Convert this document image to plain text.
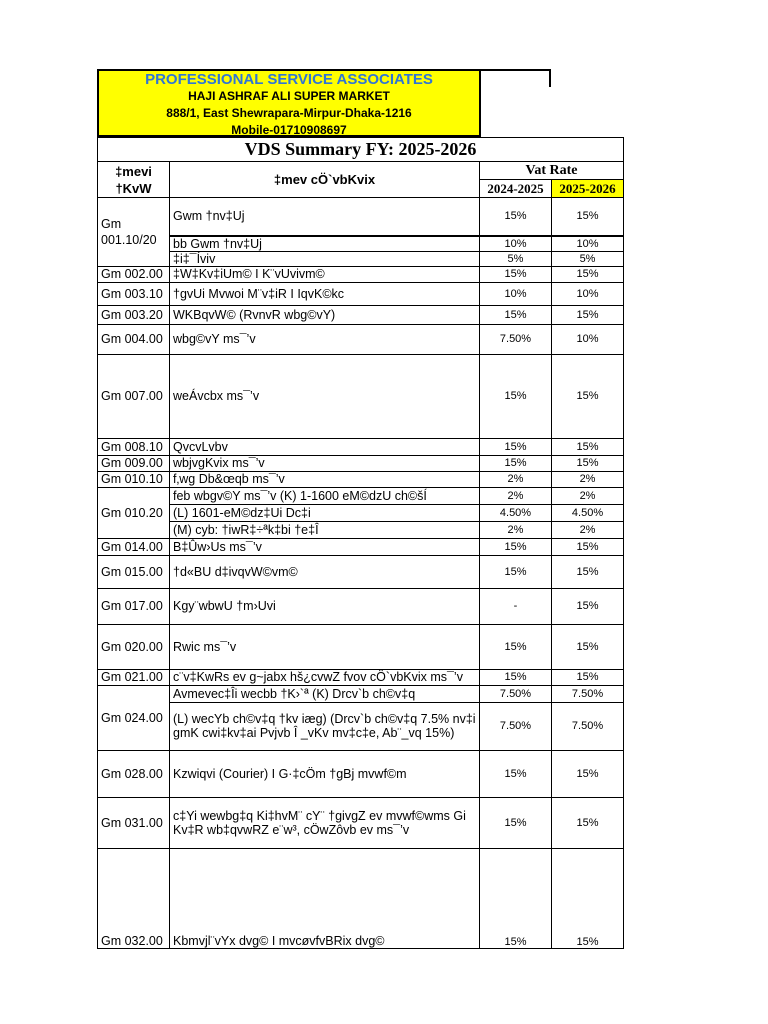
PROFESSIONAL SERVICE ASSOCIATES
HAJI ASHRAF ALI SUPER MARKET
888/1, East Shewrapara-Mirpur-Dhaka-1216
Mobile-01710908697
VDS Summary FY: 2025-2026			
‡mevi †KvW	‡mev cÖ`vbKvix	Vat Rate	
		2024-2025	2025-2026
Gm 001.10/20	Gwm †nv‡Uj	15%	15%
	bb Gwm †nv‡Uj	10%	10%
	‡i‡¯Íviv	5%	5%
Gm 002.00	‡W‡Kv‡iUm© I K¨vUvivm©	15%	15%
Gm 003.10	†gvUi Mvwoi M¨v‡iR I IqvK©kc	10%	10%
Gm 003.20	WKBqvW© (RvnvR wbg©vY)	15%	15%
Gm 004.00	wbg©vY ms¯’v	7.50%	10%
Gm 007.00	weÁvcbx ms¯’v	15%	15%
Gm 008.10	QvcvLvbv	15%	15%
Gm 009.00	wbjvgKvix ms¯’v	15%	15%
Gm 010.10	f‚wg Db&œqb ms¯’v	2%	2%
Gm 010.20	feb wbgv©Y ms¯’v (K) 1-1600 eM©dzU ch©šÍ	2%	2%
	(L) 1601-eM©dz‡Ui Dc‡i	4.50%	4.50%
	(M) cyb: †iwR‡÷ªk‡bi †e‡Î	2%	2%
Gm 014.00	B‡Ûw›Us ms¯’v	15%	15%
Gm 015.00	†d«BU d‡ivqvW©vm©	15%	15%
Gm 017.00	Kgy¨wbwU †m›Uvi	-	15%
Gm 020.00	Rwic ms¯’v	15%	15%
Gm 021.00	c¨v‡KwRs ev g~jabx hš¿cvwZ fvov cÖ`vbKvix ms¯’v	15%	15%
Gm 024.00	Avmevec‡Îi wecbb †K›`ª (K) Drcv`b ch©v‡q	7.50%	7.50%
	(L) wecYb ch©v‡q †kv iæg) (Drcv`b ch©v‡q 7.5% nv‡i gmK cwi‡kv‡ai Pvjvb Î _vKv mv‡c‡e, Ab¨_vq 15%)	7.50%	7.50%
Gm 028.00	Kzwiqvi (Courier) I G·‡cÖm †gBj mvwf©m	15%	15%
Gm 031.00	c‡Yi wewbg‡q Ki‡hvM¨ cY¨ †givgZ ev mvwf©wms Gi Kv‡R wb‡qvwRZ e¨w³, cÖwZôvb ev ms¯’v	15%	15%
Gm 032.00	Kbmvjl¨vYx dvg© I mvcøvfvBRix dvg©	15%	15%
